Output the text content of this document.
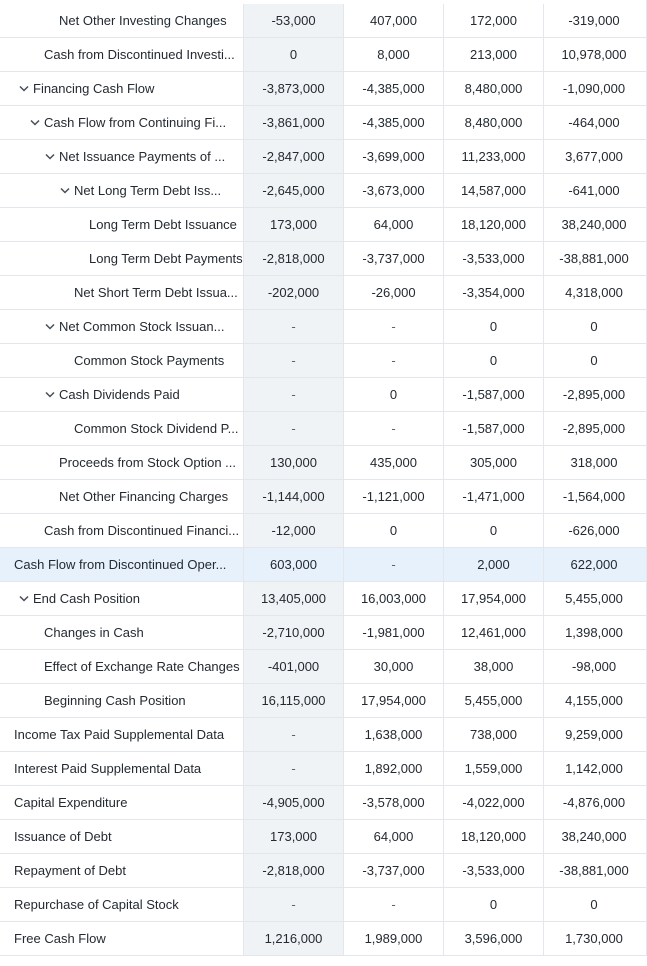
Net Other Investing Changes	-53,000	407,000	172,000	-319,000
Cash from Discontinued Investi...	0	8,000	213,000	10,978,000
Financing Cash Flow	-3,873,000	-4,385,000	8,480,000	-1,090,000
Cash Flow from Continuing Fi...	-3,861,000	-4,385,000	8,480,000	-464,000
Net Issuance Payments of ...	-2,847,000	-3,699,000	11,233,000	3,677,000
Net Long Term Debt Iss...	-2,645,000	-3,673,000	14,587,000	-641,000
Long Term Debt Issuance	173,000	64,000	18,120,000	38,240,000
Long Term Debt Payments -2,818,000	-3,737,000	-3,533,000	-38,881,000
Net Short Term Debt Issua... -202,000	-26,000	-3,354,000	4,318,000
Net Common Stock Issuan...	-	-	0	0
Common Stock Payments	-	-	0	0
Cash Dividends Paid	-	0	-1,587,000	-2,895,000
Common Stock Dividend P...	-	-	-1,587,000	-2,895,000
Proceeds from Stock Option ...	130,000	435,000	305,000	318,000
Net Other Financing Charges	-1,144,000	-1,121,000	-1,471,000	-1,564,000
Cash from Discontinued Financi... -12,000	0	0	-626,000
Cash Flow from Discontinued Oper...	603,000	-	2,000	622,000
End Cash Position	13,405,000	16,003,000	17,954,000	5,455,000
Changes in Cash	-2,710,000	-1,981,000	12,461,000	1,398,000
Effect of Exchange Rate Changes -401,000	30,000	38,000	-98,000
Beginning Cash Position	16,115,000	17,954,000	5,455,000	4,155,000
Income Tax Paid Supplemental Data	-	1,638,000	738,000	9,259,000
Interest Paid Supplemental Data	-	1,892,000	1,559,000	1,142,000
Capital Expenditure	-4,905,000	-3,578,000	-4,022,000	-4,876,000
Issuance of Debt	173,000	64,000	18,120,000	38,240,000
Repayment of Debt	-2,818,000	-3,737,000	-3,533,000	-38,881,000
Repurchase of Capital Stock	-	-	0	0
Free Cash Flow	1,216,000	1,989,000	3,596,000	1,730,000
